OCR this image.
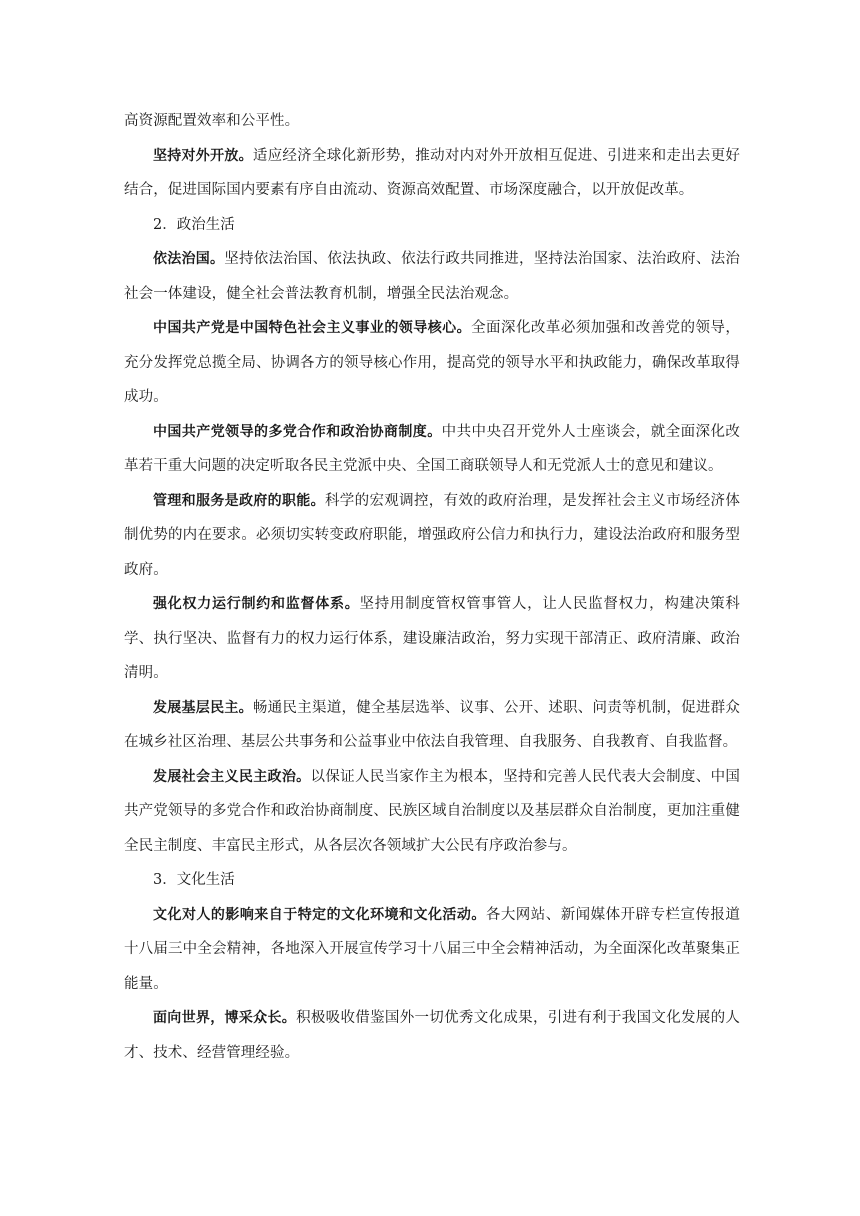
高资源配置效率和公平性。

坚持对外开放。适应经济全球化新形势，推动对内对外开放相互促进、引进来和走出去更好结合，促进国际国内要素有序自由流动、资源高效配置、市场深度融合，以开放促改革。

2．政治生活

依法治国。坚持依法治国、依法执政、依法行政共同推进，坚持法治国家、法治政府、法治社会一体建设，健全社会普法教育机制，增强全民法治观念。

中国共产党是中国特色社会主义事业的领导核心。全面深化改革必须加强和改善党的领导，充分发挥党总揽全局、协调各方的领导核心作用，提高党的领导水平和执政能力，确保改革取得成功。

中国共产党领导的多党合作和政治协商制度。中共中央召开党外人士座谈会，就全面深化改革若干重大问题的决定听取各民主党派中央、全国工商联领导人和无党派人士的意见和建议。

管理和服务是政府的职能。科学的宏观调控，有效的政府治理，是发挥社会主义市场经济体制优势的内在要求。必须切实转变政府职能，增强政府公信力和执行力，建设法治政府和服务型政府。

强化权力运行制约和监督体系。坚持用制度管权管事管人，让人民监督权力，构建决策科学、执行坚决、监督有力的权力运行体系，建设廉洁政治，努力实现干部清正、政府清廉、政治清明。

发展基层民主。畅通民主渠道，健全基层选举、议事、公开、述职、问责等机制，促进群众在城乡社区治理、基层公共事务和公益事业中依法自我管理、自我服务、自我教育、自我监督。

发展社会主义民主政治。以保证人民当家作主为根本，坚持和完善人民代表大会制度、中国共产党领导的多党合作和政治协商制度、民族区域自治制度以及基层群众自治制度，更加注重健全民主制度、丰富民主形式，从各层次各领域扩大公民有序政治参与。

3．文化生活

文化对人的影响来自于特定的文化环境和文化活动。各大网站、新闻媒体开辟专栏宣传报道十八届三中全会精神，各地深入开展宣传学习十八届三中全会精神活动，为全面深化改革聚集正能量。

面向世界，博采众长。积极吸收借鉴国外一切优秀文化成果，引进有利于我国文化发展的人才、技术、经营管理经验。
